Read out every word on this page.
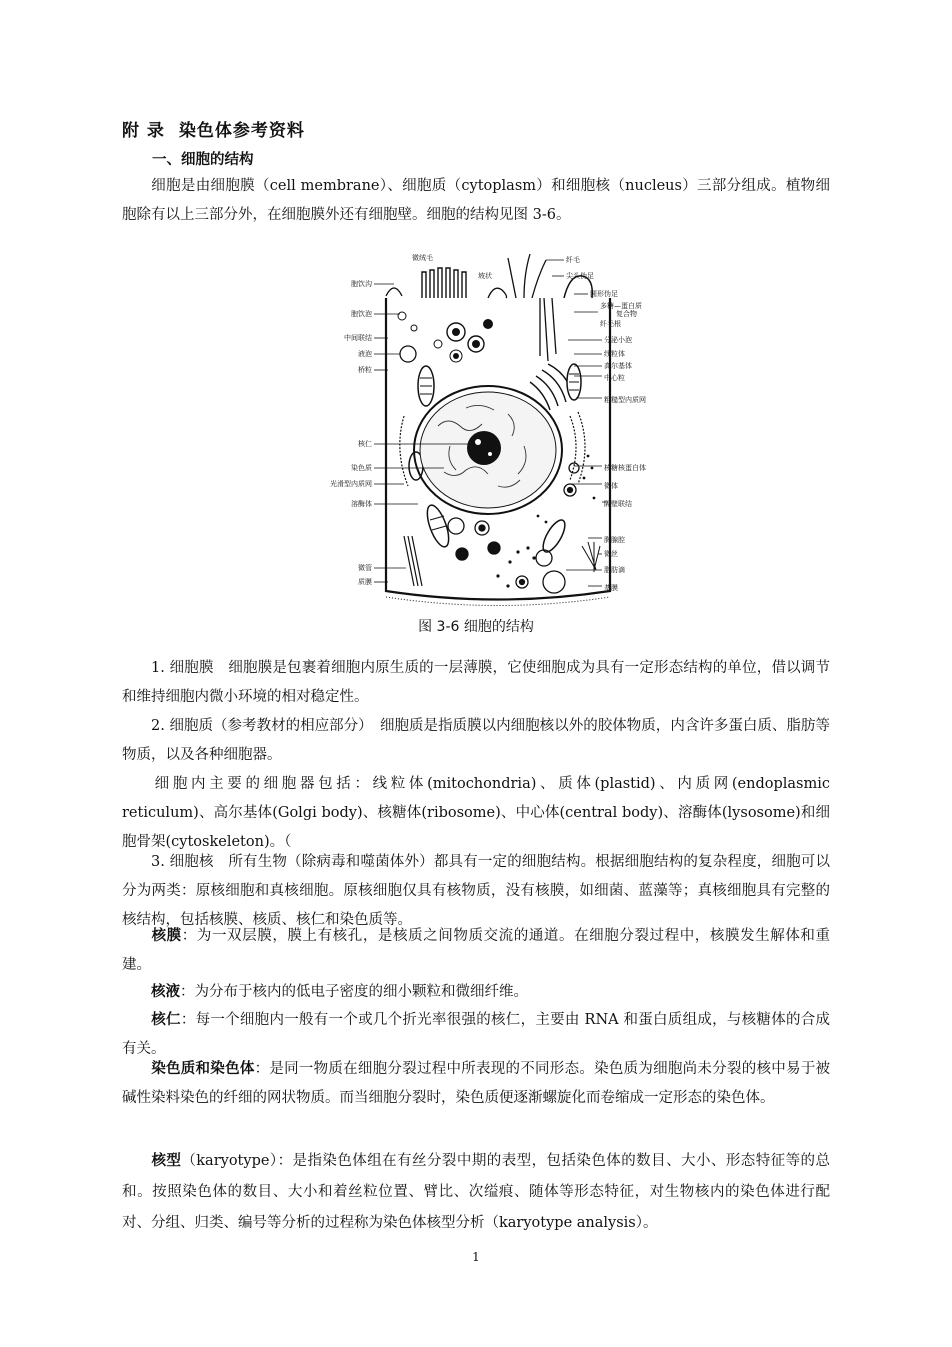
附 录 染色体参考资料
一、细胞的结构
细胞是由细胞膜（cell membrane）、细胞质（cytoplasm）和细胞核（nucleus）三部分组成。植物细胞除有以上三部分外，在细胞膜外还有细胞壁。细胞的结构见图 3-6。
胞饮沟
胞饮泡
中间联结
液泡
桥粒
核仁
染色质
光滑型内质网
溶酶体
微管
质膜
微绒毛
坡状
纤毛
尖头伪足
圆形伪足
多糖—蛋白质
复合物
纤毛根
分泌小泡
线粒体
高尔基体
中心粒
粗糙型内质网
核糖核蛋白体
微体
隔壁联结
胸腺腔
微丝
脂肪滴
基膜
图 3-6 细胞的结构
1. 细胞膜　细胞膜是包裹着细胞内原生质的一层薄膜，它使细胞成为具有一定形态结构的单位，借以调节和维持细胞内微小环境的相对稳定性。
2. 细胞质（参考教材的相应部分）　细胞质是指质膜以内细胞核以外的胶体物质，内含许多蛋白质、脂肪等物质，以及各种细胞器。
细胞内主要的细胞器包括：线粒体(mitochondria)、质体(plastid)、内质网(endoplasmic reticulum)、高尔基体(Golgi body)、核糖体(ribosome)、中心体(central body)、溶酶体(lysosome)和细胞骨架(cytoskeleton)。（
3. 细胞核　所有生物（除病毒和噬菌体外）都具有一定的细胞结构。根据细胞结构的复杂程度，细胞可以分为两类：原核细胞和真核细胞。原核细胞仅具有核物质，没有核膜，如细菌、蓝藻等；真核细胞具有完整的核结构，包括核膜、核质、核仁和染色质等。
核膜：为一双层膜，膜上有核孔，是核质之间物质交流的通道。在细胞分裂过程中，核膜发生解体和重建。
核液：为分布于核内的低电子密度的细小颗粒和微细纤维。
核仁：每一个细胞内一般有一个或几个折光率很强的核仁，主要由 RNA 和蛋白质组成，与核糖体的合成有关。
染色质和染色体：是同一物质在细胞分裂过程中所表现的不同形态。染色质为细胞尚未分裂的核中易于被碱性染料染色的纤细的网状物质。而当细胞分裂时，染色质便逐渐螺旋化而卷缩成一定形态的染色体。
核型（karyotype）：是指染色体组在有丝分裂中期的表型，包括染色体的数目、大小、形态特征等的总和。按照染色体的数目、大小和着丝粒位置、臂比、次缢痕、随体等形态特征，对生物核内的染色体进行配对、分组、归类、编号等分析的过程称为染色体核型分析（karyotype analysis）。
1
